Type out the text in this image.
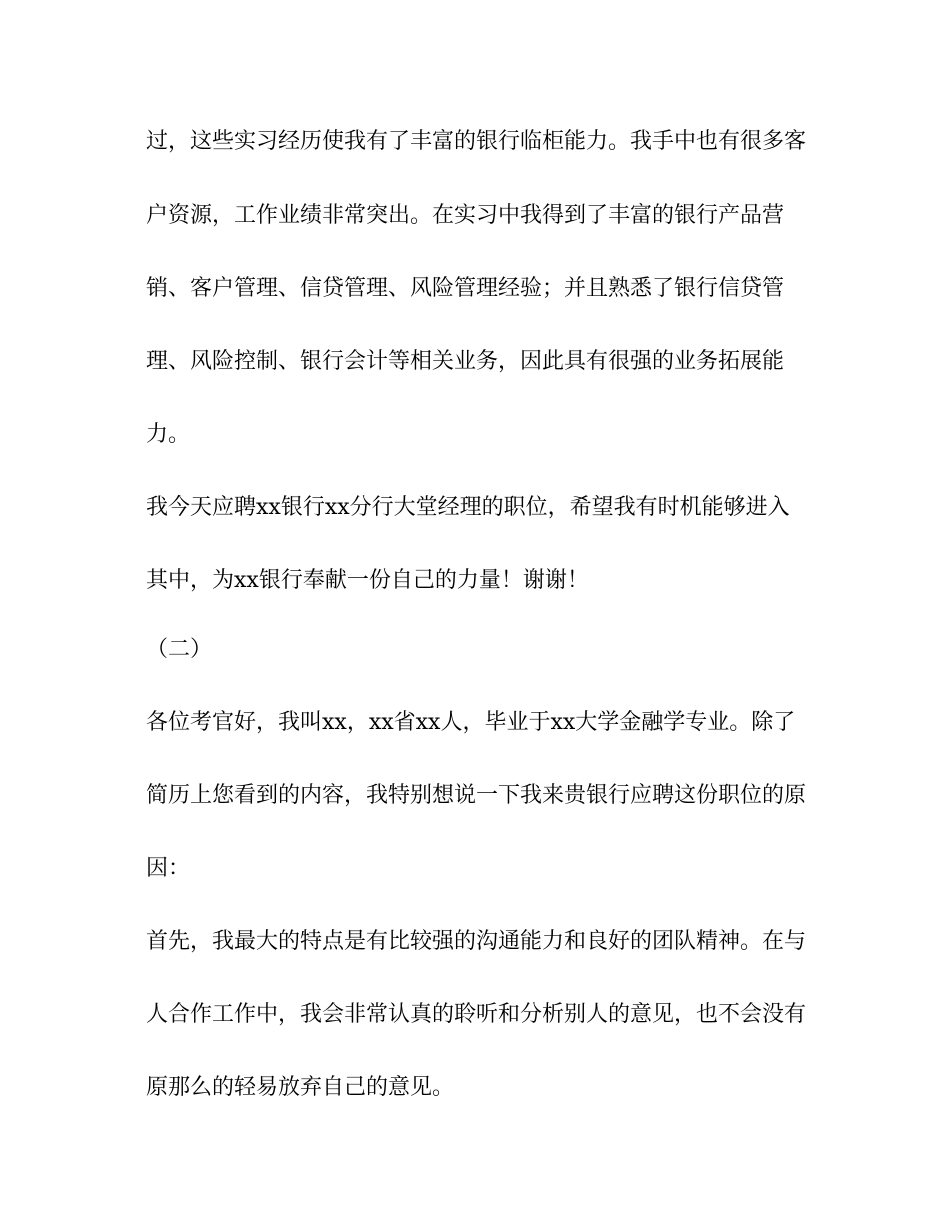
过，这些实习经历使我有了丰富的银行临柜能力。我手中也有很多客

户资源，工作业绩非常突出。在实习中我得到了丰富的银行产品营

销、客户管理、信贷管理、风险管理经验；并且熟悉了银行信贷管

理、风险控制、银行会计等相关业务，因此具有很强的业务拓展能

力。

我今天应聘xx银行xx分行大堂经理的职位，希望我有时机能够进入

其中，为xx银行奉献一份自己的力量！谢谢！

（二）

各位考官好，我叫xx，xx省xx人，毕业于xx大学金融学专业。除了

简历上您看到的内容，我特别想说一下我来贵银行应聘这份职位的原

因：

首先，我最大的特点是有比较强的沟通能力和良好的团队精神。在与

人合作工作中，我会非常认真的聆听和分析别人的意见，也不会没有

原那么的轻易放弃自己的意见。
